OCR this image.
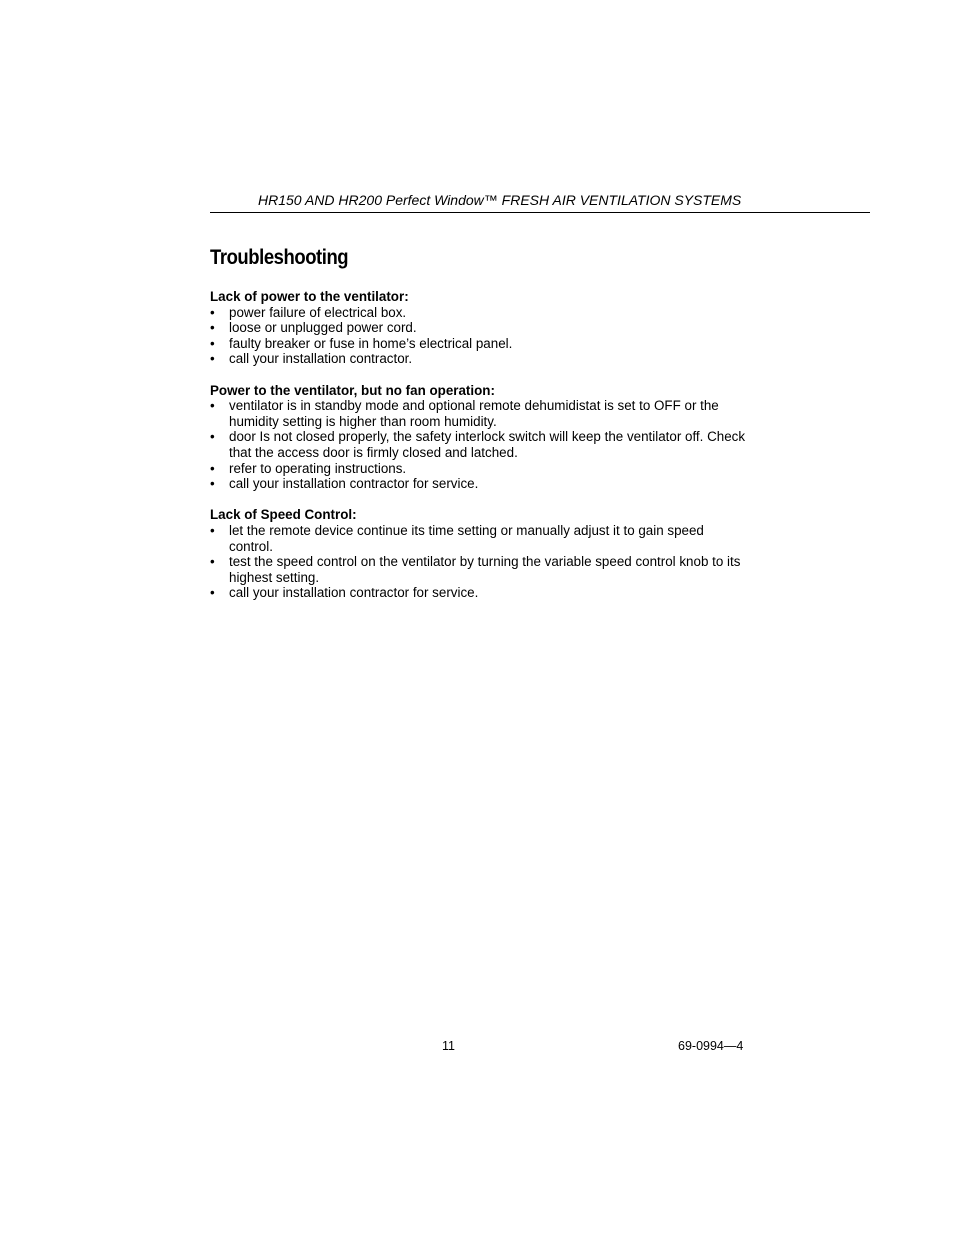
HR150 AND HR200 Perfect Window™ FRESH AIR VENTILATION SYSTEMS
Troubleshooting

Lack of power to the ventilator:

• power failure of electrical box.
• loose or unplugged power cord.
• faulty breaker or fuse in home’s electrical panel.
• call your installation contractor.

Power to the ventilator, but no fan operation:

• ventilator is in standby mode and optional remote dehumidistat is set to OFF or the humidity setting is higher than room humidity.
• door Is not closed properly, the safety interlock switch will keep the ventilator off. Check that the access door is firmly closed and latched.
• refer to operating instructions.
• call your installation contractor for service.

Lack of Speed Control:

• let the remote device continue its time setting or manually adjust it to gain speed control.
• test the speed control on the ventilator by turning the variable speed control knob to its highest setting.
• call your installation contractor for service.
11	69-0994—4
